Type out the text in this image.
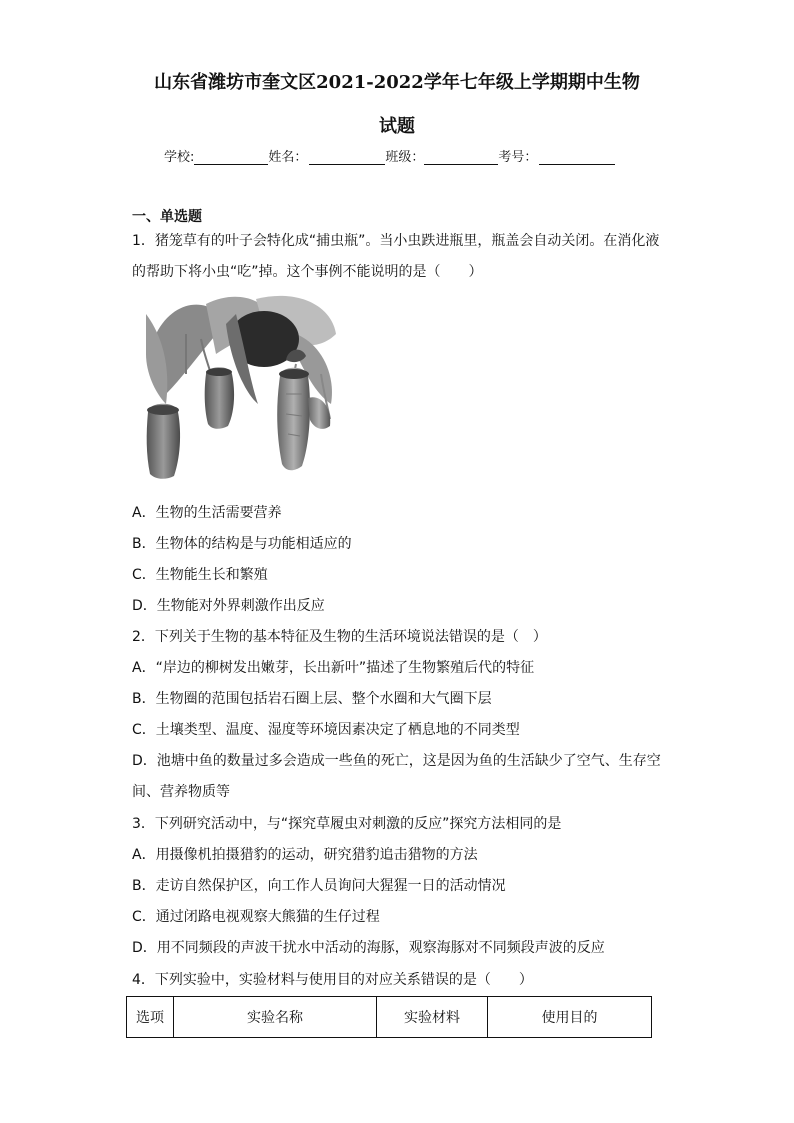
山东省潍坊市奎文区2021-2022学年七年级上学期期中生物
试题
学校:	姓名：	班级：	考号：
一、单选题
1．猪笼草有的叶子会特化成“捕虫瓶”。当小虫跌进瓶里，瓶盖会自动关闭。在消化液
的帮助下将小虫“吃”掉。这个事例不能说明的是（　　）
A．生物的生活需要营养
B．生物体的结构是与功能相适应的
C．生物能生长和繁殖
D．生物能对外界刺激作出反应
2．下列关于生物的基本特征及生物的生活环境说法错误的是（　）
A．“岸边的柳树发出嫩芽，长出新叶”描述了生物繁殖后代的特征
B．生物圈的范围包括岩石圈上层、整个水圈和大气圈下层
C．土壤类型、温度、湿度等环境因素决定了栖息地的不同类型
D．池塘中鱼的数量过多会造成一些鱼的死亡，这是因为鱼的生活缺少了空气、生存空
间、营养物质等
3．下列研究活动中，与“探究草履虫对刺激的反应”探究方法相同的是
A．用摄像机拍摄猎豹的运动，研究猎豹追击猎物的方法
B．走访自然保护区，向工作人员询问大猩猩一日的活动情况
C．通过闭路电视观察大熊猫的生仔过程
D．用不同频段的声波干扰水中活动的海豚，观察海豚对不同频段声波的反应
4．下列实验中，实验材料与使用目的对应关系错误的是（　　）
选项	实验名称	实验材料	使用目的
